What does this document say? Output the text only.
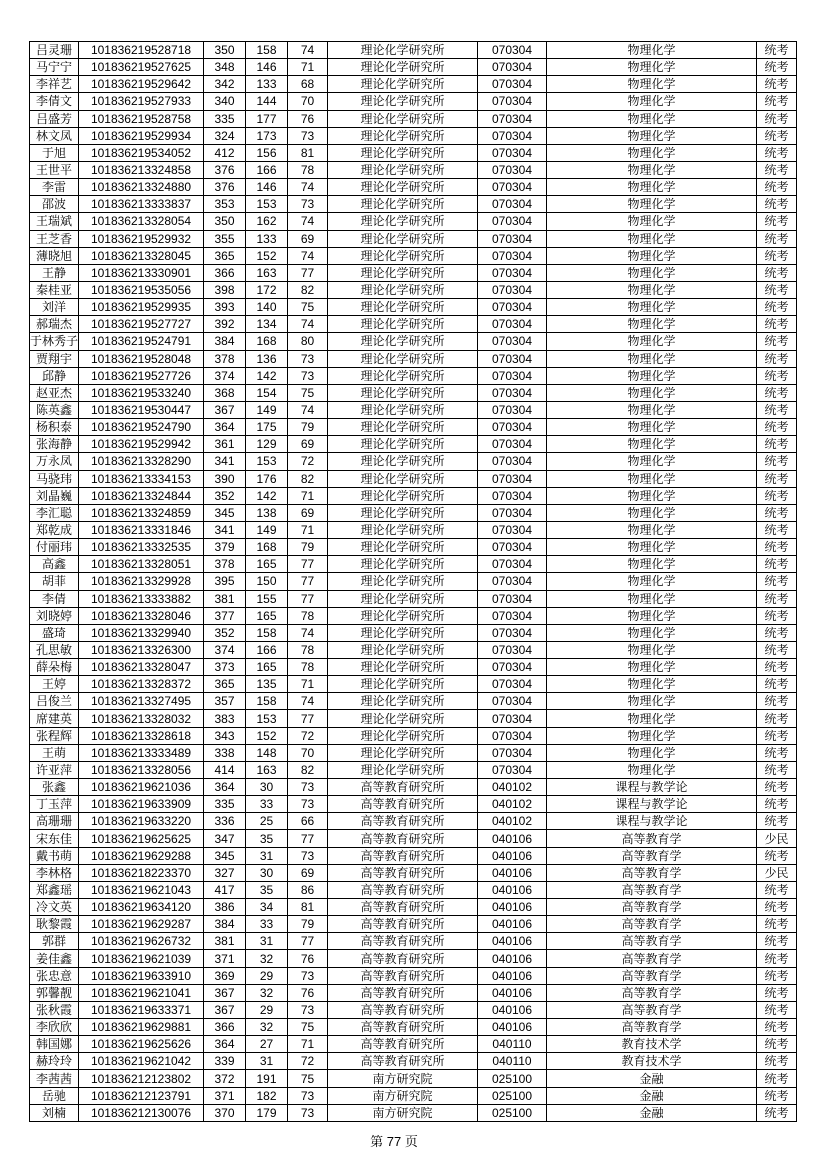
吕灵珊	101836219528718	350	158	74	理论化学研究所	070304	物理化学	统考
马宁宁	101836219527625	348	146	71	理论化学研究所	070304	物理化学	统考
李祥艺	101836219529642	342	133	68	理论化学研究所	070304	物理化学	统考
李倩文	101836219527933	340	144	70	理论化学研究所	070304	物理化学	统考
吕盛芳	101836219528758	335	177	76	理论化学研究所	070304	物理化学	统考
林文凤	101836219529934	324	173	73	理论化学研究所	070304	物理化学	统考
于旭	101836219534052	412	156	81	理论化学研究所	070304	物理化学	统考
王世平	101836213324858	376	166	78	理论化学研究所	070304	物理化学	统考
李雷	101836213324880	376	146	74	理论化学研究所	070304	物理化学	统考
邵波	101836213333837	353	153	73	理论化学研究所	070304	物理化学	统考
王瑞斌	101836213328054	350	162	74	理论化学研究所	070304	物理化学	统考
王芝香	101836219529932	355	133	69	理论化学研究所	070304	物理化学	统考
薄晓旭	101836213328045	365	152	74	理论化学研究所	070304	物理化学	统考
王静	101836213330901	366	163	77	理论化学研究所	070304	物理化学	统考
秦桂亚	101836219535056	398	172	82	理论化学研究所	070304	物理化学	统考
刘洋	101836219529935	393	140	75	理论化学研究所	070304	物理化学	统考
郝瑞杰	101836219527727	392	134	74	理论化学研究所	070304	物理化学	统考
于林秀子	101836219524791	384	168	80	理论化学研究所	070304	物理化学	统考
贾翔宇	101836219528048	378	136	73	理论化学研究所	070304	物理化学	统考
邱静	101836219527726	374	142	73	理论化学研究所	070304	物理化学	统考
赵亚杰	101836219533240	368	154	75	理论化学研究所	070304	物理化学	统考
陈英鑫	101836219530447	367	149	74	理论化学研究所	070304	物理化学	统考
杨积泰	101836219524790	364	175	79	理论化学研究所	070304	物理化学	统考
张海静	101836219529942	361	129	69	理论化学研究所	070304	物理化学	统考
万永凤	101836213328290	341	153	72	理论化学研究所	070304	物理化学	统考
马骁玮	101836213334153	390	176	82	理论化学研究所	070304	物理化学	统考
刘晶巍	101836213324844	352	142	71	理论化学研究所	070304	物理化学	统考
李汇聪	101836213324859	345	138	69	理论化学研究所	070304	物理化学	统考
郑乾成	101836213331846	341	149	71	理论化学研究所	070304	物理化学	统考
付丽玮	101836213332535	379	168	79	理论化学研究所	070304	物理化学	统考
高鑫	101836213328051	378	165	77	理论化学研究所	070304	物理化学	统考
胡菲	101836213329928	395	150	77	理论化学研究所	070304	物理化学	统考
李倩	101836213333882	381	155	77	理论化学研究所	070304	物理化学	统考
刘晓婷	101836213328046	377	165	78	理论化学研究所	070304	物理化学	统考
盛琦	101836213329940	352	158	74	理论化学研究所	070304	物理化学	统考
孔思敏	101836213326300	374	166	78	理论化学研究所	070304	物理化学	统考
薛朵梅	101836213328047	373	165	78	理论化学研究所	070304	物理化学	统考
王婷	101836213328372	365	135	71	理论化学研究所	070304	物理化学	统考
吕俊兰	101836213327495	357	158	74	理论化学研究所	070304	物理化学	统考
席建英	101836213328032	383	153	77	理论化学研究所	070304	物理化学	统考
张程辉	101836213328618	343	152	72	理论化学研究所	070304	物理化学	统考
王萌	101836213333489	338	148	70	理论化学研究所	070304	物理化学	统考
许亚萍	101836213328056	414	163	82	理论化学研究所	070304	物理化学	统考
张鑫	101836219621036	364	30	73	高等教育研究所	040102	课程与教学论	统考
丁玉萍	101836219633909	335	33	73	高等教育研究所	040102	课程与教学论	统考
高珊珊	101836219633220	336	25	66	高等教育研究所	040102	课程与教学论	统考
宋东佳	101836219625625	347	35	77	高等教育研究所	040106	高等教育学	少民
戴书萌	101836219629288	345	31	73	高等教育研究所	040106	高等教育学	统考
李林格	101836218223370	327	30	69	高等教育研究所	040106	高等教育学	少民
郑鑫瑶	101836219621043	417	35	86	高等教育研究所	040106	高等教育学	统考
冷文英	101836219634120	386	34	81	高等教育研究所	040106	高等教育学	统考
耿黎霞	101836219629287	384	33	79	高等教育研究所	040106	高等教育学	统考
郭群	101836219626732	381	31	77	高等教育研究所	040106	高等教育学	统考
姜佳鑫	101836219621039	371	32	76	高等教育研究所	040106	高等教育学	统考
张忠意	101836219633910	369	29	73	高等教育研究所	040106	高等教育学	统考
郭馨靓	101836219621041	367	32	76	高等教育研究所	040106	高等教育学	统考
张秋霞	101836219633371	367	29	73	高等教育研究所	040106	高等教育学	统考
李欣欣	101836219629881	366	32	75	高等教育研究所	040106	高等教育学	统考
韩国娜	101836219625626	364	27	71	高等教育研究所	040110	教育技术学	统考
赫玲玲	101836219621042	339	31	72	高等教育研究所	040110	教育技术学	统考
李茜茜	101836212123802	372	191	75	南方研究院	025100	金融	统考
岳驰	101836212123791	371	182	73	南方研究院	025100	金融	统考
刘楠	101836212130076	370	179	73	南方研究院	025100	金融	统考
第 77 页
